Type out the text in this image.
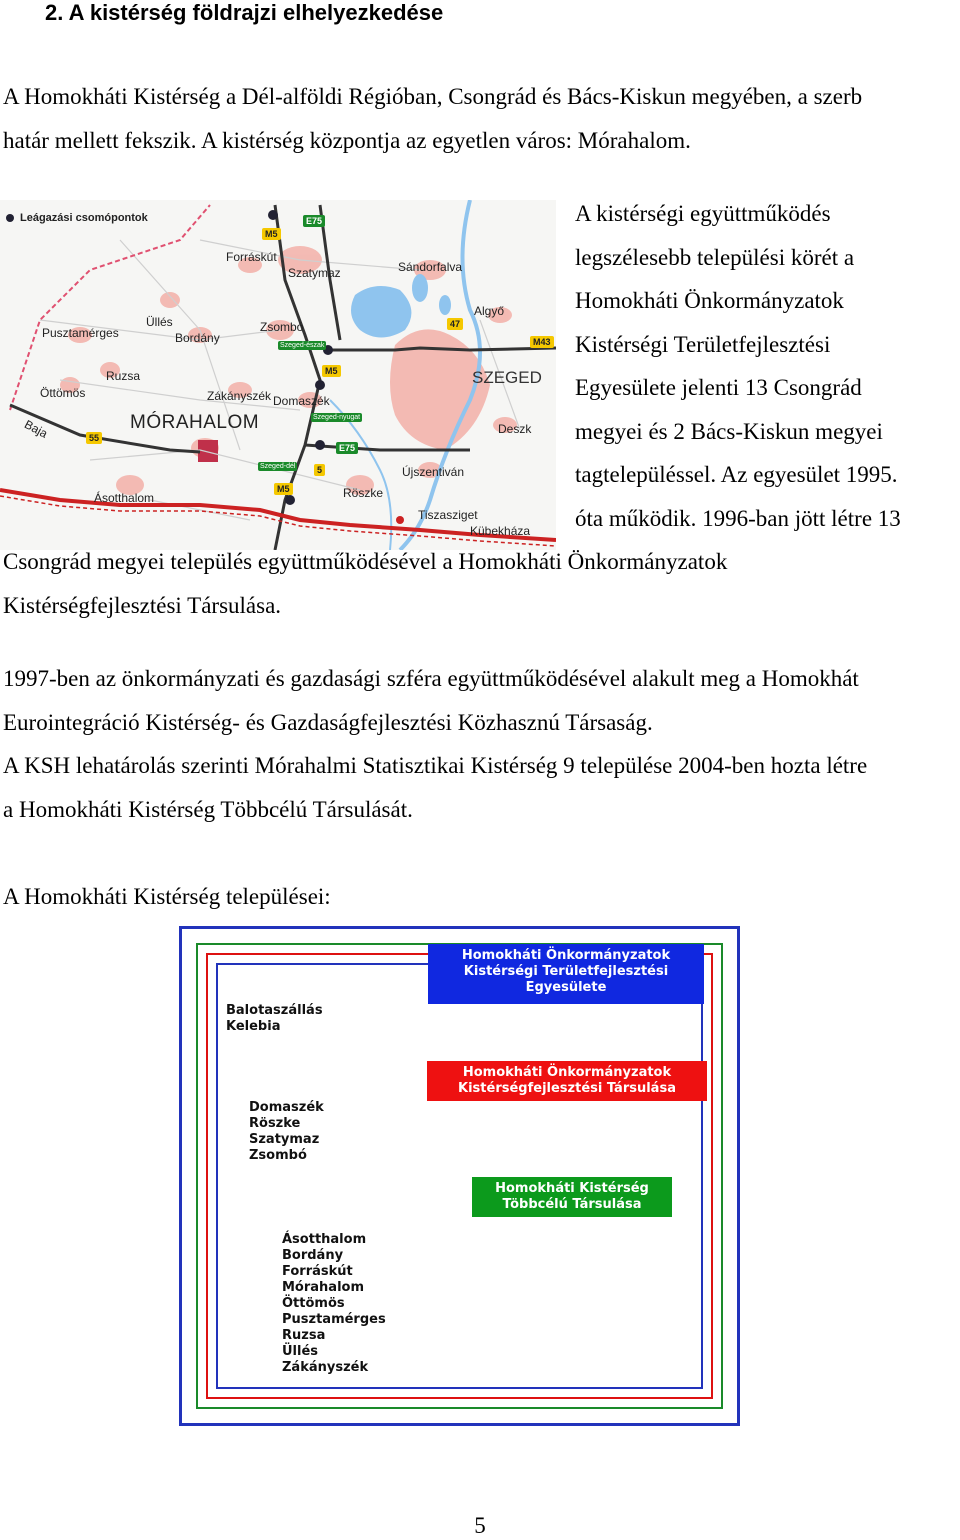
2. A kistérség földrajzi elhelyezkedése
A Homokháti Kistérség a Dél-alföldi Régióban, Csongrád és Bács-Kiskun megyében, a szerb
határ mellett fekszik. A kistérség központja az egyetlen város: Mórahalom.
Leágazási csomópontok
MÓRAHALOM
SZEGED
Forráskút
Szatymaz	Sándorfalva
Algyő
Üllés	Zsombó
Bordány
Pusztamérges
Ruzsa
Zákányszék Domaszék
Öttömös
Deszk
Újszentiván
Röszke
Ásotthalom
Tiszasziget
Kübekháza
Baja
M5
E75
47
M43
M5
E75
55
5
M5
Szeged-észak
Szeged-nyugat
Szeged-dél
A kistérségi együttműködés
legszélesebb települési körét a
Homokháti Önkormányzatok
Kistérségi Területfejlesztési
Egyesülete jelenti 13 Csongrád
megyei és 2 Bács-Kiskun megyei
tagtelepüléssel. Az egyesület 1995.
óta működik. 1996-ban jött létre 13
Csongrád megyei település együttműködésével a Homokháti Önkormányzatok
Kistérségfejlesztési Társulása.
1997-ben az önkormányzati és gazdasági szféra együttműködésével alakult meg a Homokhát
Eurointegráció Kistérség- és Gazdaságfejlesztési Közhasznú Társaság.
A KSH lehatárolás szerinti Mórahalmi Statisztikai Kistérség 9 települése 2004-ben hozta létre
a Homokháti Kistérség Többcélú Társulását.
A Homokháti Kistérség települései:
Homokháti Önkormányzatok
Kistérségi Területfejlesztési
Egyesülete
Balotaszállás
Kelebia
Homokháti Önkormányzatok
Kistérségfejlesztési Társulása
Domaszék
Röszke
Szatymaz
Zsombó
Homokháti Kistérség
Többcélú Társulása
Ásotthalom
Bordány
Forráskút
Mórahalom
Öttömös
Pusztamérges
Ruzsa
Üllés
Zákányszék
5
